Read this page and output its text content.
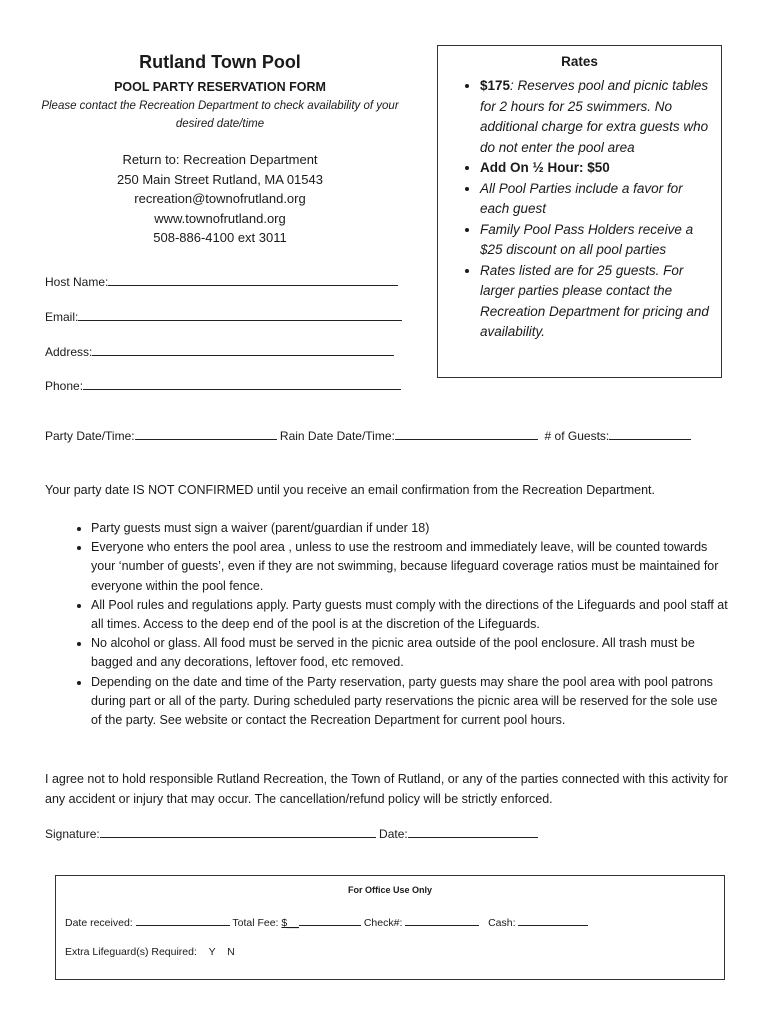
Rutland Town Pool
POOL PARTY RESERVATION FORM
Please contact the Recreation Department to check availability of your desired date/time
Return to: Recreation Department
250 Main Street Rutland, MA 01543
recreation@townofrutland.org
www.townofrutland.org
508-886-4100 ext 3011
Host Name:
Email:
Address:
Phone:
Rates
• $175: Reserves pool and picnic tables for 2 hours for 25 swimmers. No additional charge for extra guests who do not enter the pool area
• Add On ½ Hour: $50
• All Pool Parties include a favor for each guest
• Family Pool Pass Holders receive a $25 discount on all pool parties
• Rates listed are for 25 guests. For larger parties please contact the Recreation Department for pricing and availability.
Party Date/Time:	Rain Date Date/Time:	# of Guests:
Your party date IS NOT CONFIRMED until you receive an email confirmation from the Recreation Department.
• Party guests must sign a waiver (parent/guardian if under 18)
• Everyone who enters the pool area , unless to use the restroom and immediately leave, will be counted towards your ‘number of guests’, even if they are not swimming, because lifeguard coverage ratios must be maintained for everyone within the pool fence.
• All Pool rules and regulations apply. Party guests must comply with the directions of the Lifeguards and pool staff at all times. Access to the deep end of the pool is at the discretion of the Lifeguards.
• No alcohol or glass. All food must be served in the picnic area outside of the pool enclosure. All trash must be bagged and any decorations, leftover food, etc removed.
• Depending on the date and time of the Party reservation, party guests may share the pool area with pool patrons during part or all of the party. During scheduled party reservations the picnic area will be reserved for the sole use of the party. See website or contact the Recreation Department for current pool hours.
I agree not to hold responsible Rutland Recreation, the Town of Rutland, or any of the parties connected with this activity for any accident or injury that may occur. The cancellation/refund policy will be strictly enforced.
Signature:	Date:
For Office Use Only
Date received:	Total Fee: $__	Check#:	Cash:
Extra Lifeguard(s) Required: Y N
